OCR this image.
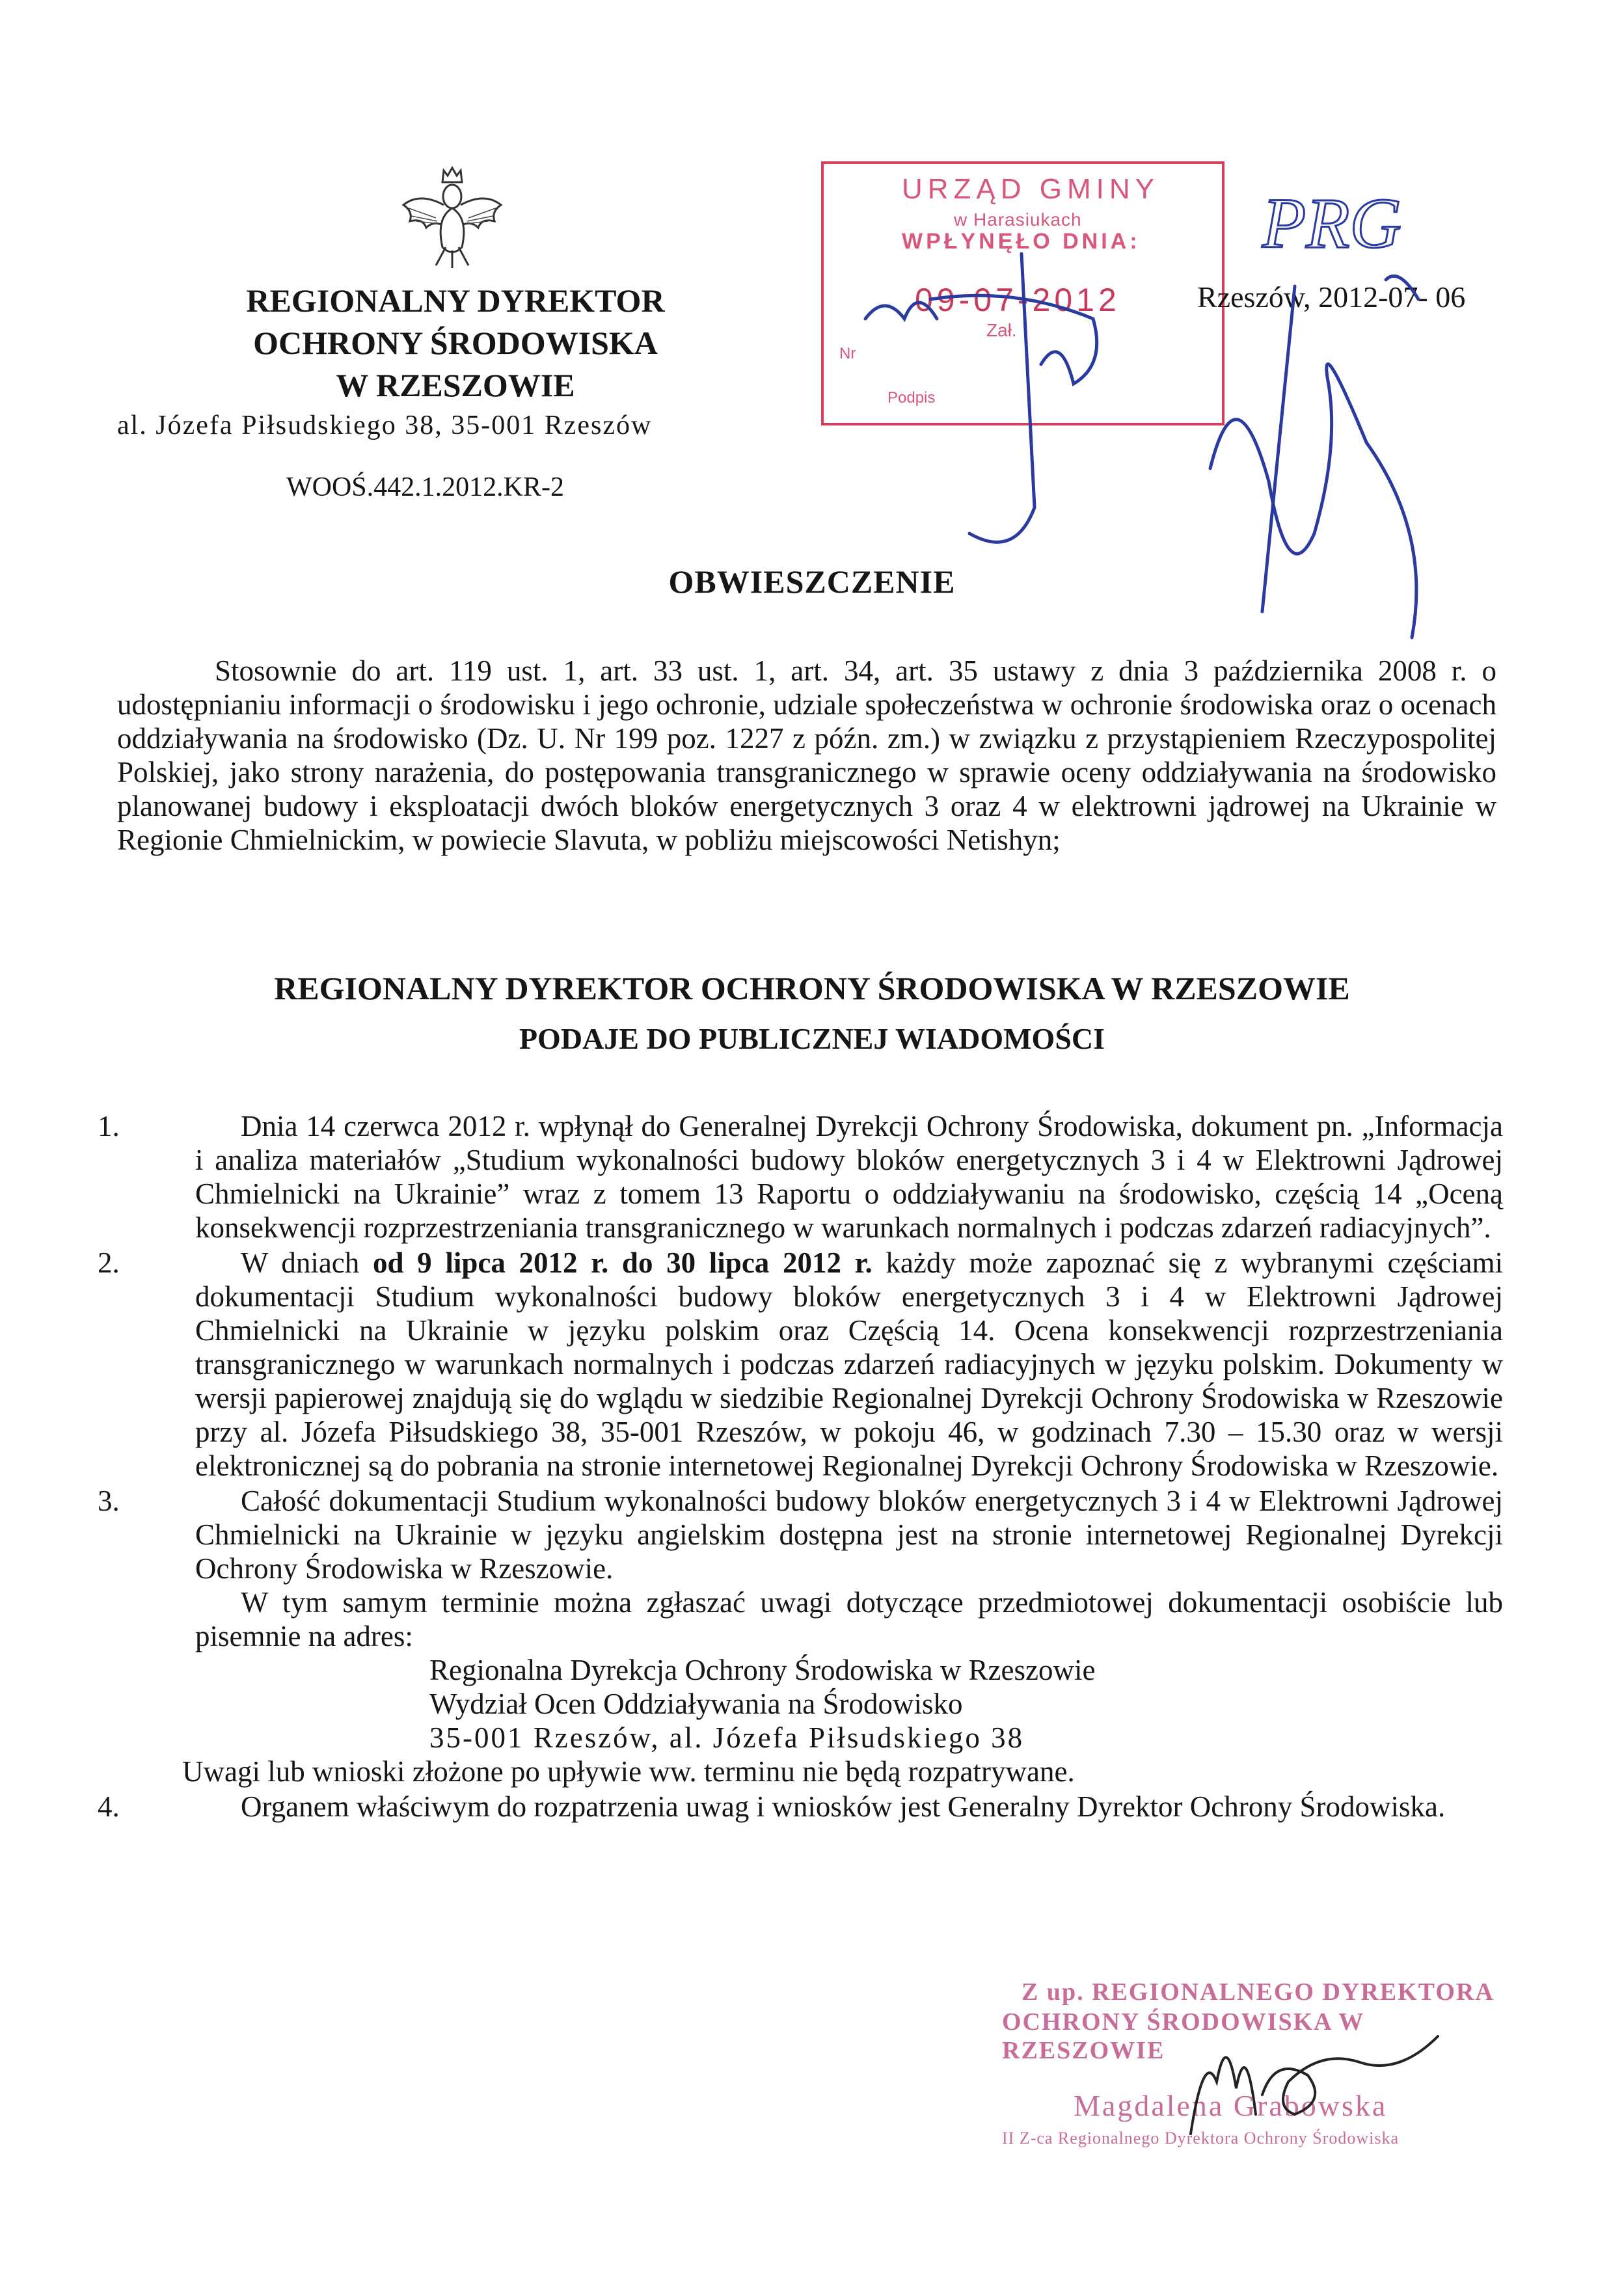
REGIONALNY DYREKTOR
OCHRONY ŚRODOWISKA
W RZESZOWIE
al. Józefa Piłsudskiego 38, 35-001 Rzeszów
WOOŚ.442.1.2012.KR-2
URZĄD GMINY
w Harasiukach
WPŁYNĘŁO DNIA:
09-07-2012
Nr
Zał.
Podpis
Rzeszów, 2012-07- 06
PRG
OBWIESZCZENIE
Stosownie do art. 119 ust. 1, art. 33 ust. 1, art. 34, art. 35 ustawy z dnia 3 października 2008 r. o udostępnianiu informacji o środowisku i jego ochronie, udziale społeczeństwa w ochronie środowiska oraz o ocenach oddziaływania na środowisko (Dz. U. Nr 199 poz. 1227 z późn. zm.) w związku z przystąpieniem Rzeczypospolitej Polskiej, jako strony narażenia, do postępowania transgranicznego w sprawie oceny oddziaływania na środowisko planowanej budowy i eksploatacji dwóch bloków energetycznych 3 oraz 4 w elektrowni jądrowej na Ukrainie w Regionie Chmielnickim, w powiecie Slavuta, w pobliżu miejscowości Netishyn;
REGIONALNY DYREKTOR OCHRONY ŚRODOWISKA W RZESZOWIE
PODAJE DO PUBLICZNEJ WIADOMOŚCI
1.	Dnia 14 czerwca 2012 r. wpłynął do Generalnej Dyrekcji Ochrony Środowiska, dokument pn. „Informacja i analiza materiałów „Studium wykonalności budowy bloków energetycznych 3 i 4 w Elektrowni Jądrowej Chmielnicki na Ukrainie” wraz z tomem 13 Raportu o oddziaływaniu na środowisko, częścią 14 „Oceną konsekwencji rozprzestrzeniania transgranicznego w warunkach normalnych i podczas zdarzeń radiacyjnych”.
2.	W dniach od 9 lipca 2012 r. do 30 lipca 2012 r. każdy może zapoznać się z wybranymi częściami dokumentacji Studium wykonalności budowy bloków energetycznych 3 i 4 w Elektrowni Jądrowej Chmielnicki na Ukrainie w języku polskim oraz Częścią 14. Ocena konsekwencji rozprzestrzeniania transgranicznego w warunkach normalnych i podczas zdarzeń radiacyjnych w języku polskim. Dokumenty w wersji papierowej znajdują się do wglądu w siedzibie Regionalnej Dyrekcji Ochrony Środowiska w Rzeszowie przy al. Józefa Piłsudskiego 38, 35-001 Rzeszów, w pokoju 46, w godzinach 7.30 – 15.30 oraz w wersji elektronicznej są do pobrania na stronie internetowej Regionalnej Dyrekcji Ochrony Środowiska w Rzeszowie.
3.	Całość dokumentacji Studium wykonalności budowy bloków energetycznych 3 i 4 w Elektrowni Jądrowej Chmielnicki na Ukrainie w języku angielskim dostępna jest na stronie internetowej Regionalnej Dyrekcji Ochrony Środowiska w Rzeszowie.
W tym samym terminie można zgłaszać uwagi dotyczące przedmiotowej dokumentacji osobiście lub pisemnie na adres:
Regionalna Dyrekcja Ochrony Środowiska w Rzeszowie
Wydział Ocen Oddziaływania na Środowisko
35-001 Rzeszów, al. Józefa Piłsudskiego 38
Uwagi lub wnioski złożone po upływie ww. terminu nie będą rozpatrywane.
4.	Organem właściwym do rozpatrzenia uwag i wniosków jest Generalny Dyrektor Ochrony Środowiska.
Z up. REGIONALNEGO DYREKTORA
OCHRONY ŚRODOWISKA W RZESZOWIE
Magdalena Grabowska
II Z-ca Regionalnego Dyrektora Ochrony Środowiska
